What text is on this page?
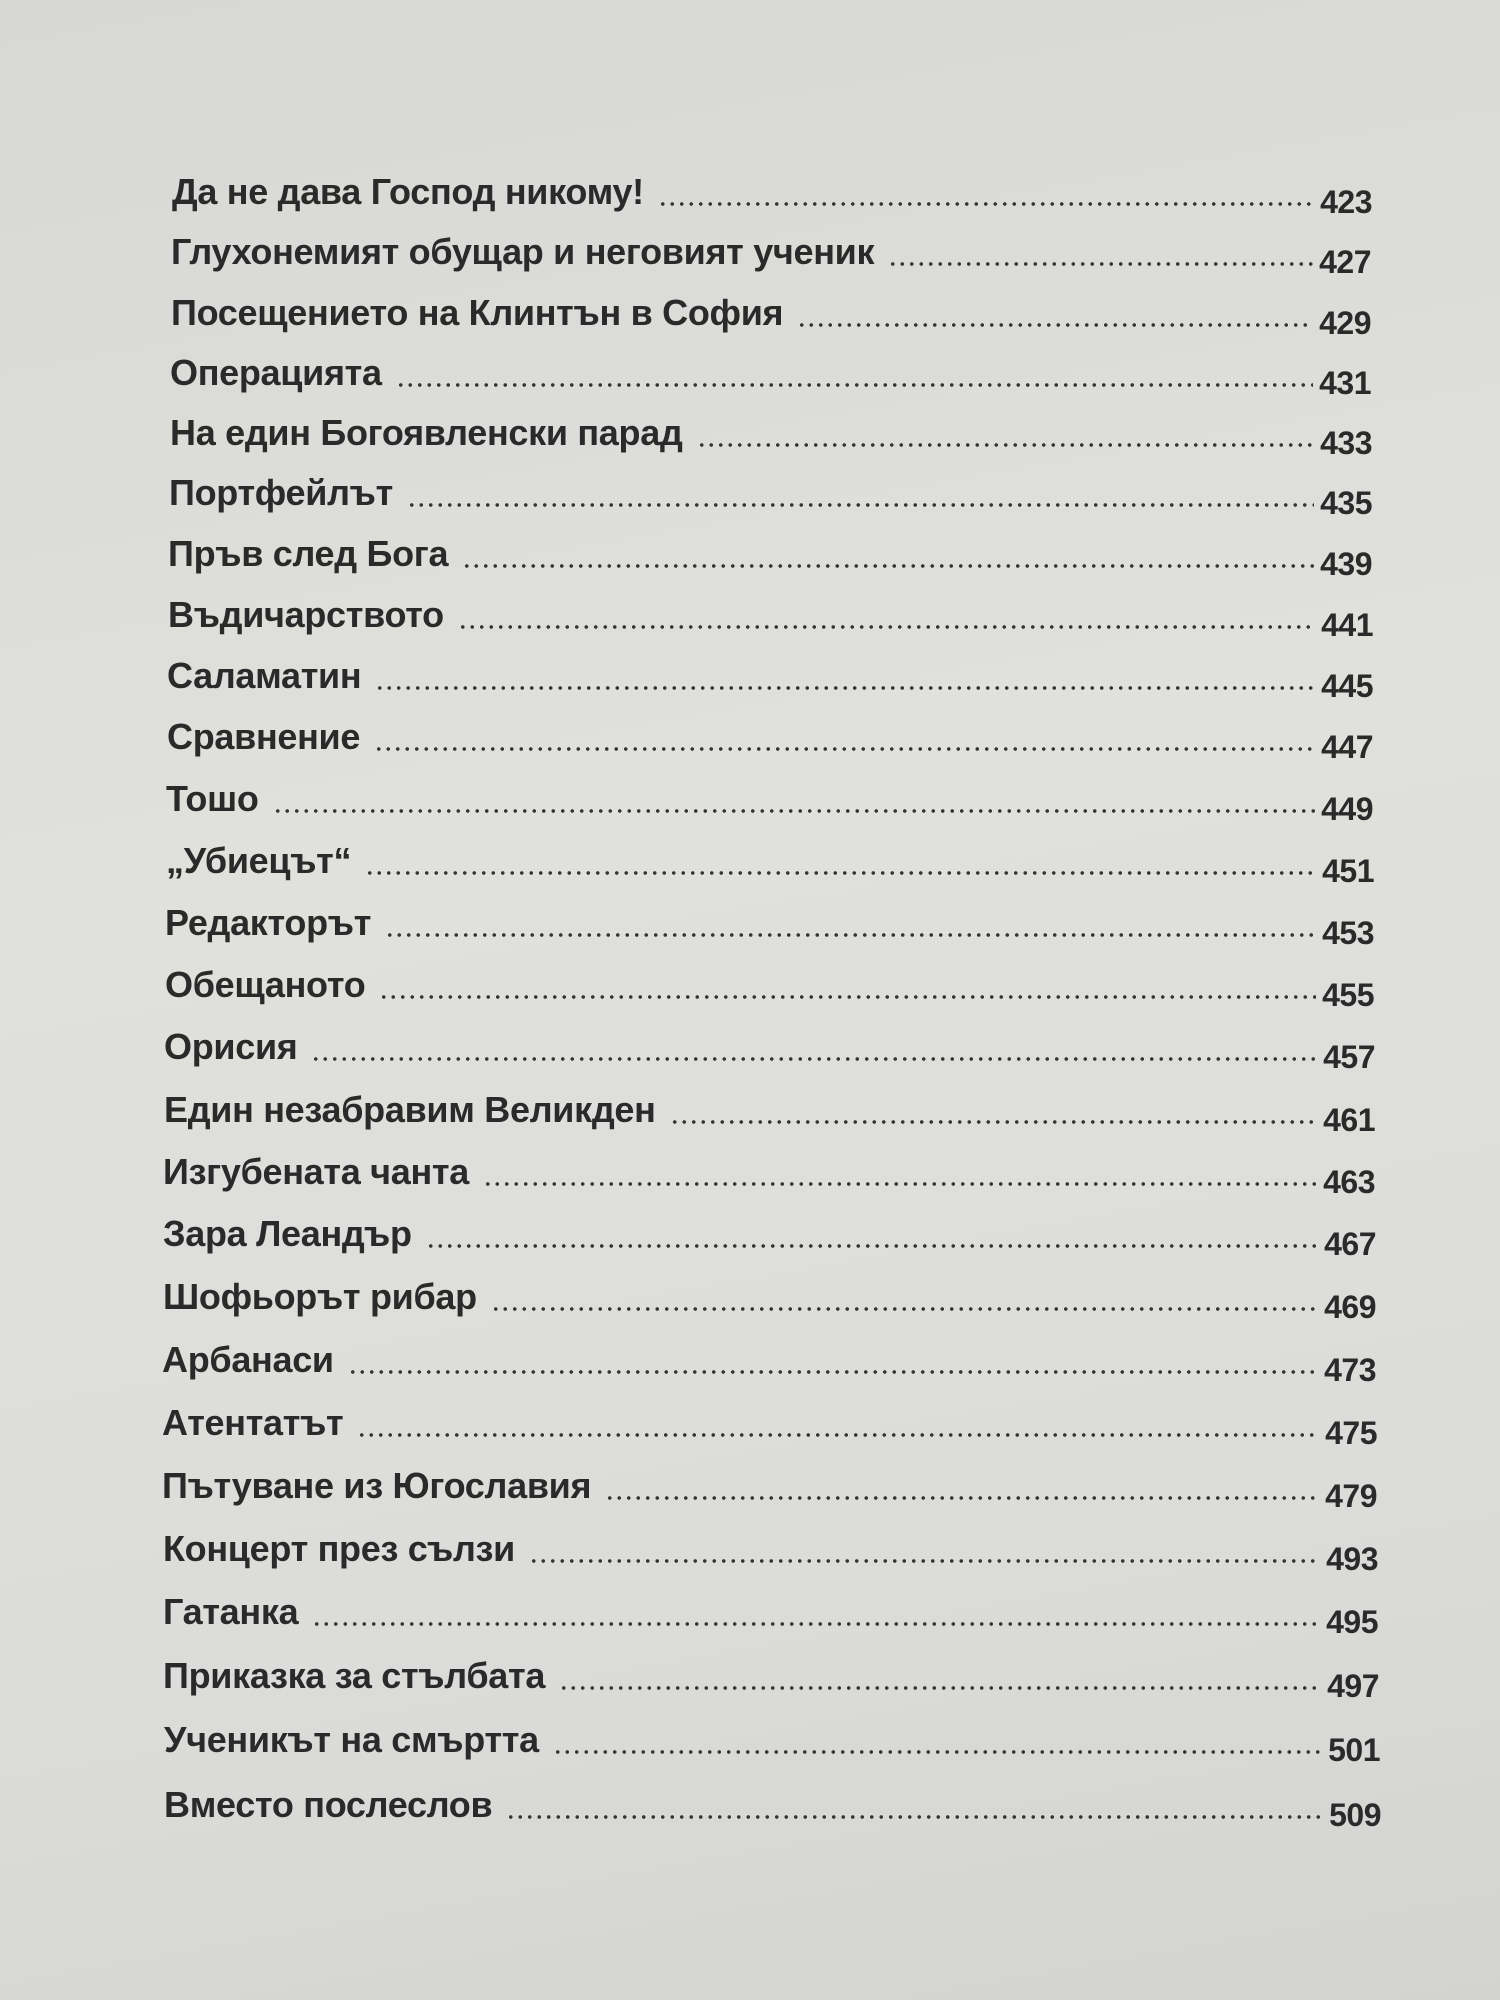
Да не дава Господ никому!	423
Глухонемият обущар и неговият ученик	427
Посещението на Клинтън в София	429
Операцията	431
На един Богоявленски парад	433
Портфейлът	435
Пръв след Бога	439
Въдичарството	441
Саламатин	445
Сравнение	447
Тошо	449
„Убиецът“	451
Редакторът	453
Обещаното	455
Орисия	457
Един незабравим Великден	461
Изгубената чанта	463
Зара Леандър	467
Шофьорът рибар	469
Арбанаси	473
Атентатът	475
Пътуване из Югославия	479
Концерт през сълзи	493
Гатанка	495
Приказка за стълбата	497
Ученикът на смъртта	501
Вместо послеслов	509
